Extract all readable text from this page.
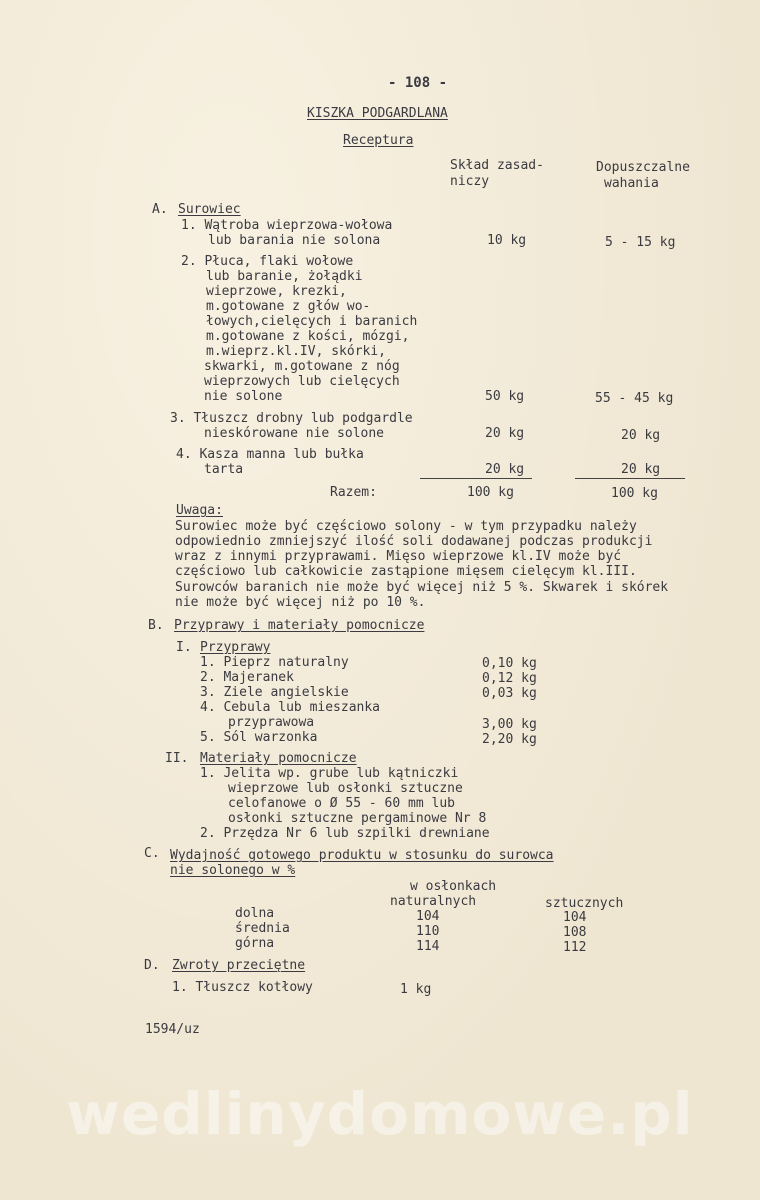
- 108 -
KISZKA PODGARDLANA
Receptura
Skład zasad-
niczy
Dopuszczalne
wahania
A. Surowiec
1. Wątroba wieprzowa-wołowa
lub barania nie solona	10 kg	5 - 15 kg
2. Płuca, flaki wołowe
lub baranie, żołądki
wieprzowe, krezki,
m.gotowane z głów wo-
łowych,cielęcych i baranich
m.gotowane z kości, mózgi,
m.wieprz.kl.IV, skórki,
skwarki, m.gotowane z nóg
wieprzowych lub cielęcych
nie solone	50 kg	55 - 45 kg
3. Tłuszcz drobny lub podgardle
nieskórowane nie solone	20 kg	20 kg
4. Kasza manna lub bułka
tarta	20 kg	20 kg
Razem:	100 kg	100 kg
Uwaga:
Surowiec może być częściowo solony - w tym przypadku należy
odpowiednio zmniejszyć ilość soli dodawanej podczas produkcji
wraz z innymi przyprawami. Mięso wieprzowe kl.IV może być
częściowo lub całkowicie zastąpione mięsem cielęcym kl.III.
Surowców baranich nie może być więcej niż 5 %. Skwarek i skórek
nie może być więcej niż po 10 %.
B. Przyprawy i materiały pomocnicze
I. Przyprawy
1. Pieprz naturalny	0,10 kg
2. Majeranek	0,12 kg
3. Ziele angielskie	0,03 kg
4. Cebula lub mieszanka
przyprawowa	3,00 kg
5. Sól warzonka	2,20 kg
II. Materiały pomocnicze
1. Jelita wp. grube lub kątniczki
wieprzowe lub osłonki sztuczne
celofanowe o Ø 55 - 60 mm lub
osłonki sztuczne pergaminowe Nr 8
2. Przędza Nr 6 lub szpilki drewniane
C. Wydajność gotowego produktu w stosunku do surowca
nie solonego w %
w osłonkach
naturalnych	sztucznych
dolna	104	104
średnia	110	108
górna	114	112
D. Zwroty przeciętne
1. Tłuszcz kotłowy	1 kg
1594/uz
wedlinydomowe.pl
